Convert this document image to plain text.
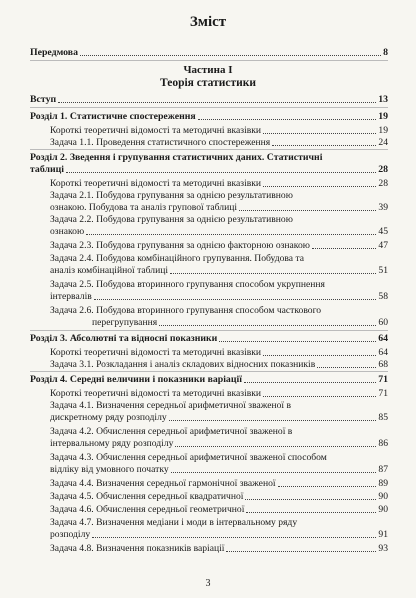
Зміст
Передмова	8
Частина І
Теорія статистики
Вступ	13
Розділ 1. Статистичне спостереження	19
Короткі теоретичні відомості та методичні вказівки	19
Задача 1.1. Проведення статистичного спостереження	24
Розділ 2. Зведення і групування статистичних даних. Статистичні
таблиці	28
Короткі теоретичні відомості та методичні вказівки	28
Задача 2.1. Побудова групування за однією результативною
ознакою. Побудова та аналіз групової таблиці	39
Задача 2.2. Побудова групування за однією результативною
ознакою	45
Задача 2.3. Побудова групування за однією факторною ознакою	47
Задача 2.4. Побудова комбінаційного групування. Побудова та
аналіз комбінаційної таблиці	51
Задача 2.5. Побудова вторинного групування способом укрупнення
інтервалів	58
Задача 2.6. Побудова вторинного групування способом часткового
перегрупування	60
Розділ 3. Абсолютні та відносні показники	64
Короткі теоретичні відомості та методичні вказівки	64
Задача 3.1. Розкладання і аналіз складових відносних показників	68
Розділ 4. Середні величини і показники варіації	71
Короткі теоретичні відомості та методичні вказівки	71
Задача 4.1. Визначення середньої арифметичної зваженої в
дискретному ряду розподілу	85
Задача 4.2. Обчислення середньої арифметичної зваженої в
інтервальному ряду розподілу	86
Задача 4.3. Обчислення середньої арифметичної зваженої способом
відліку від умовного початку	87
Задача 4.4. Визначення середньої гармонічної зваженої	89
Задача 4.5. Обчислення середньої квадратичної	90
Задача 4.6. Обчислення середньої геометричної	90
Задача 4.7. Визначення медіани і моди в інтервальному ряду
розподілу	91
Задача 4.8. Визначення показників варіації	93
3
